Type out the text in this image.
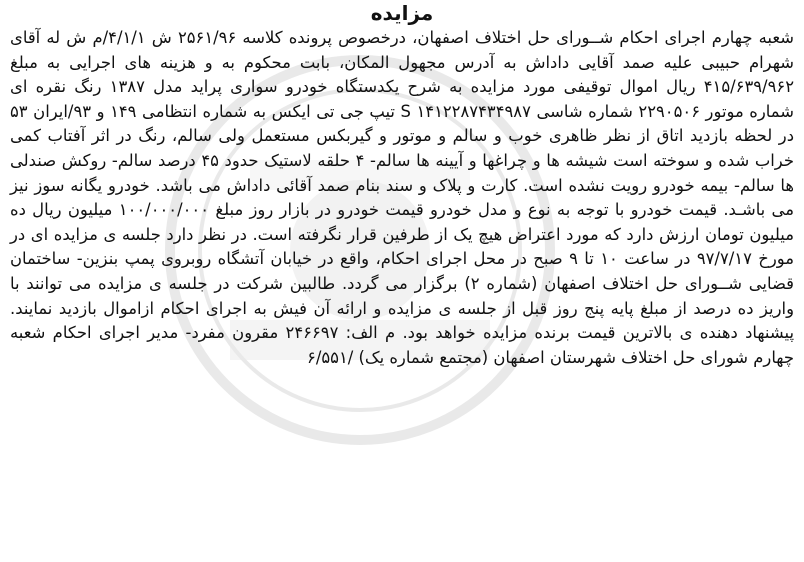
مزایده

شعبه چهارم اجرای احکام شــورای حل اختلاف اصفهان، درخصوص پرونده کلاسه ۲۵۶۱/۹۶ ش ۴/۱/۱/م ش له آقای شهرام حبیبی علیه صمد آقایی داداش به آدرس مجهول المکان، بابت محکوم به و هزینه های اجرایی به مبلغ ۴۱۵/۶۳۹/۹۶۲ ریال اموال توقیفی مورد مزایده به شرح یکدستگاه خودرو سواری پراید مدل ۱۳۸۷ رنگ نقره ای شماره موتور ۲۲۹۰۵۰۶ شماره شاسی S ۱۴۱۲۲۸۷۴۳۴۹۸۷ تیپ جی تی ایکس به شماره انتظامی ۱۴۹ و ۹۳/ایران ۵۳ در لحظه بازدید اتاق از نظر ظاهری خوب و سالم و موتور و گیربکس مستعمل ولی سالم، رنگ در اثر آفتاب کمی خراب شده و سوخته است شیشه ها و چراغها و آیینه ها سالم- ۴ حلقه لاستیک حدود ۴۵ درصد سالم- روکش صندلی ها سالم- بیمه خودرو رویت نشده است. کارت و پلاک و سند بنام صمد آقائی داداش می باشد. خودرو یگانه سوز نیز می باشـد. قیمت خودرو با توجه به نوع و مدل خودرو قیمت خودرو در بازار روز مبلغ ۱۰۰/۰۰۰/۰۰۰ میلیون ریال ده میلیون تومان ارزش دارد که مورد اعتراض هیچ یک از طرفین قرار نگرفته است. در نظر دارد جلسه ی مزایده ای در مورخ ۹۷/۷/۱۷ در ساعت ۱۰ تا ۹ صبح در محل اجرای احکام، واقع در خیابان آتشگاه روبروی پمپ بنزین- ساختمان قضایی شــورای حل اختلاف اصفهان (شماره ۲) برگزار می گردد. طالبین شرکت در جلسه ی مزایده می توانند با واریز ده درصد از مبلغ پایه پنج روز قبل از جلسه ی مزایده و ارائه آن فیش به اجرای احکام ازاموال بازدید نمایند. پیشنهاد دهنده ی بالاترین قیمت برنده مزایده خواهد بود. م الف: ۲۴۶۶۹۷ مقرون مفرد- مدیر اجرای احکام شعبه چهارم شورای حل اختلاف شهرستان اصفهان (مجتمع شماره یک) /۶/۵۵۱
